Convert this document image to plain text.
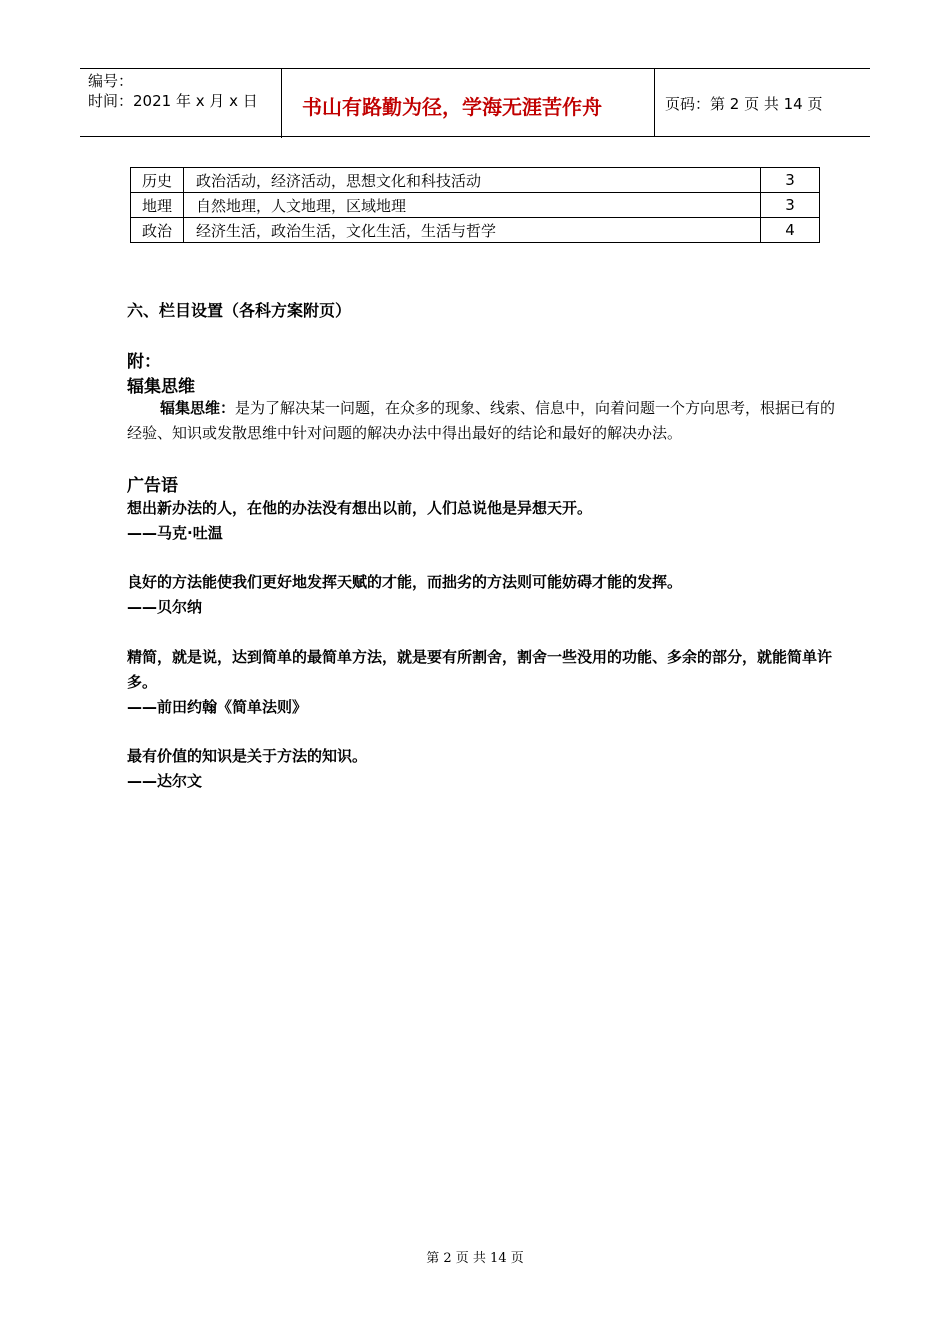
编号：
时间：2021 年 x 月 x 日	书山有路勤为径，学海无涯苦作舟	页码：第 2 页 共 14 页
历史	政治活动，经济活动，思想文化和科技活动	3
地理	自然地理，人文地理，区域地理	3
政治	经济生活，政治生活，文化生活，生活与哲学	4
六、栏目设置（各科方案附页）
附：
辐集思维
辐集思维：是为了解决某一问题，在众多的现象、线索、信息中，向着问题一个方向思考，根据已有的经验、知识或发散思维中针对问题的解决办法中得出最好的结论和最好的解决办法。
广告语
想出新办法的人，在他的办法没有想出以前，人们总说他是异想天开。
——马克·吐温
良好的方法能使我们更好地发挥天赋的才能，而拙劣的方法则可能妨碍才能的发挥。
——贝尔纳
精简，就是说，达到简单的最简单方法，就是要有所割舍，割舍一些没用的功能、多余的部分，就能简单许多。
——前田约翰《简单法则》
最有价值的知识是关于方法的知识。
——达尔文
第 2 页 共 14 页
